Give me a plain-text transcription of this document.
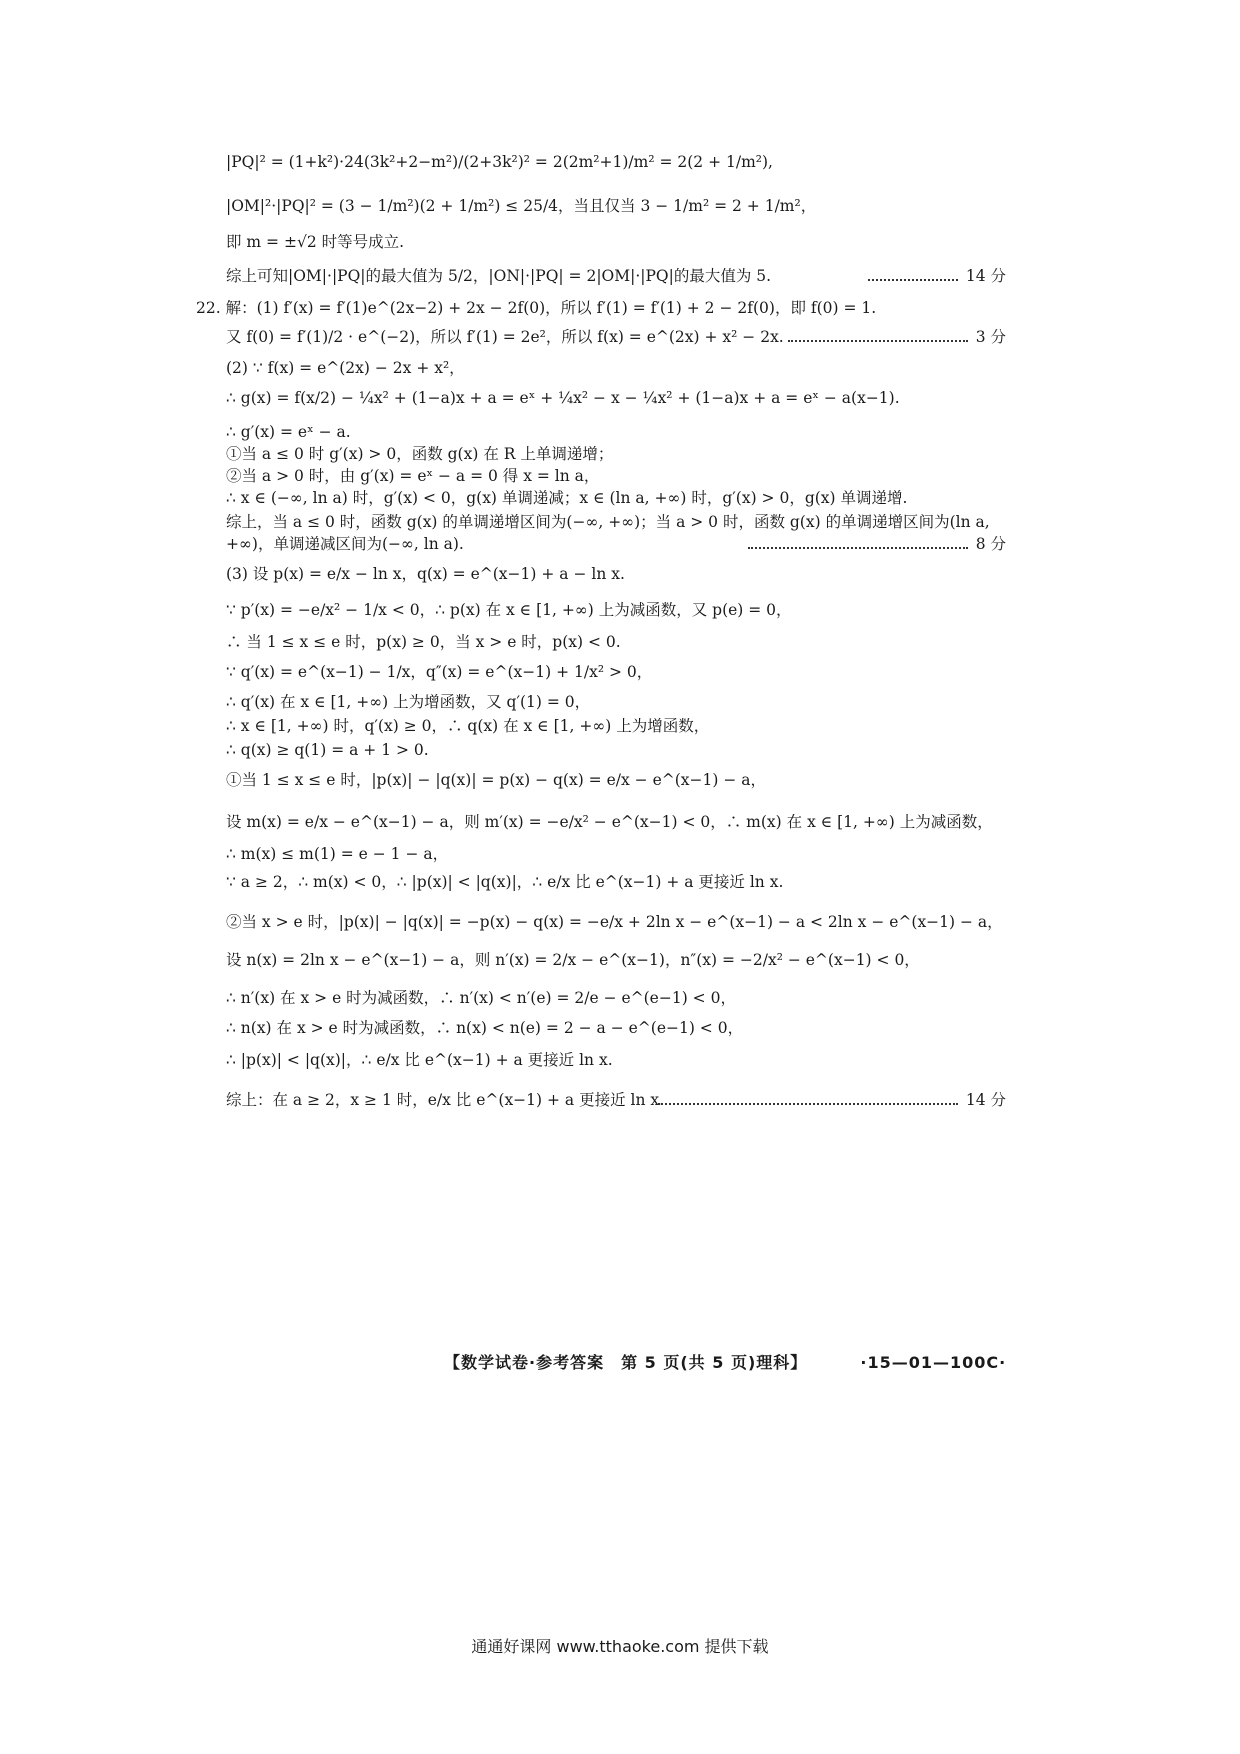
|PQ|² = (1+k²)·24(3k²+2−m²)/(2+3k²)² = 2(2m²+1)/m² = 2(2 + 1/m²),
|OM|²·|PQ|² = (3 − 1/m²)(2 + 1/m²) ≤ 25/4，当且仅当 3 − 1/m² = 2 + 1/m²，
即 m = ±√2 时等号成立.
综上可知|OM|·|PQ|的最大值为 5/2，|ON|·|PQ| = 2|OM|·|PQ|的最大值为 5.	14 分
22. 解：(1) f′(x) = f′(1)e^(2x−2) + 2x − 2f(0)，所以 f′(1) = f′(1) + 2 − 2f(0)，即 f(0) = 1.
又 f(0) = f′(1)/2 · e^(−2)，所以 f′(1) = 2e²，所以 f(x) = e^(2x) + x² − 2x.	3 分
(2) ∵ f(x) = e^(2x) − 2x + x²，
∴ g(x) = f(x/2) − ¼x² + (1−a)x + a = eˣ + ¼x² − x − ¼x² + (1−a)x + a = eˣ − a(x−1).
∴ g′(x) = eˣ − a.
①当 a ≤ 0 时 g′(x) > 0，函数 g(x) 在 R 上单调递增；
②当 a > 0 时，由 g′(x) = eˣ − a = 0 得 x = ln a，
∴ x ∈ (−∞, ln a) 时，g′(x) < 0，g(x) 单调递减；x ∈ (ln a, +∞) 时，g′(x) > 0，g(x) 单调递增.
综上，当 a ≤ 0 时，函数 g(x) 的单调递增区间为(−∞, +∞)；当 a > 0 时，函数 g(x) 的单调递增区间为(ln a,
+∞)，单调递减区间为(−∞, ln a).	8 分
(3) 设 p(x) = e/x − ln x，q(x) = e^(x−1) + a − ln x.
∵ p′(x) = −e/x² − 1/x < 0，∴ p(x) 在 x ∈ [1, +∞) 上为减函数，又 p(e) = 0，
∴ 当 1 ≤ x ≤ e 时，p(x) ≥ 0，当 x > e 时，p(x) < 0.
∵ q′(x) = e^(x−1) − 1/x，q″(x) = e^(x−1) + 1/x² > 0，
∴ q′(x) 在 x ∈ [1, +∞) 上为增函数，又 q′(1) = 0，
∴ x ∈ [1, +∞) 时，q′(x) ≥ 0，∴ q(x) 在 x ∈ [1, +∞) 上为增函数，
∴ q(x) ≥ q(1) = a + 1 > 0.
①当 1 ≤ x ≤ e 时，|p(x)| − |q(x)| = p(x) − q(x) = e/x − e^(x−1) − a，
设 m(x) = e/x − e^(x−1) − a，则 m′(x) = −e/x² − e^(x−1) < 0，∴ m(x) 在 x ∈ [1, +∞) 上为减函数，
∴ m(x) ≤ m(1) = e − 1 − a，
∵ a ≥ 2，∴ m(x) < 0，∴ |p(x)| < |q(x)|，∴ e/x 比 e^(x−1) + a 更接近 ln x.
②当 x > e 时，|p(x)| − |q(x)| = −p(x) − q(x) = −e/x + 2ln x − e^(x−1) − a < 2ln x − e^(x−1) − a，
设 n(x) = 2ln x − e^(x−1) − a，则 n′(x) = 2/x − e^(x−1)，n″(x) = −2/x² − e^(x−1) < 0，
∴ n′(x) 在 x > e 时为减函数，∴ n′(x) < n′(e) = 2/e − e^(e−1) < 0，
∴ n(x) 在 x > e 时为减函数，∴ n(x) < n(e) = 2 − a − e^(e−1) < 0，
∴ |p(x)| < |q(x)|，∴ e/x 比 e^(x−1) + a 更接近 ln x.
综上：在 a ≥ 2，x ≥ 1 时，e/x 比 e^(x−1) + a 更接近 ln x.	14 分
【数学试卷·参考答案　第 5 页(共 5 页)理科】	·15—01—100C·
通通好课网 www.tthaoke.com 提供下载
